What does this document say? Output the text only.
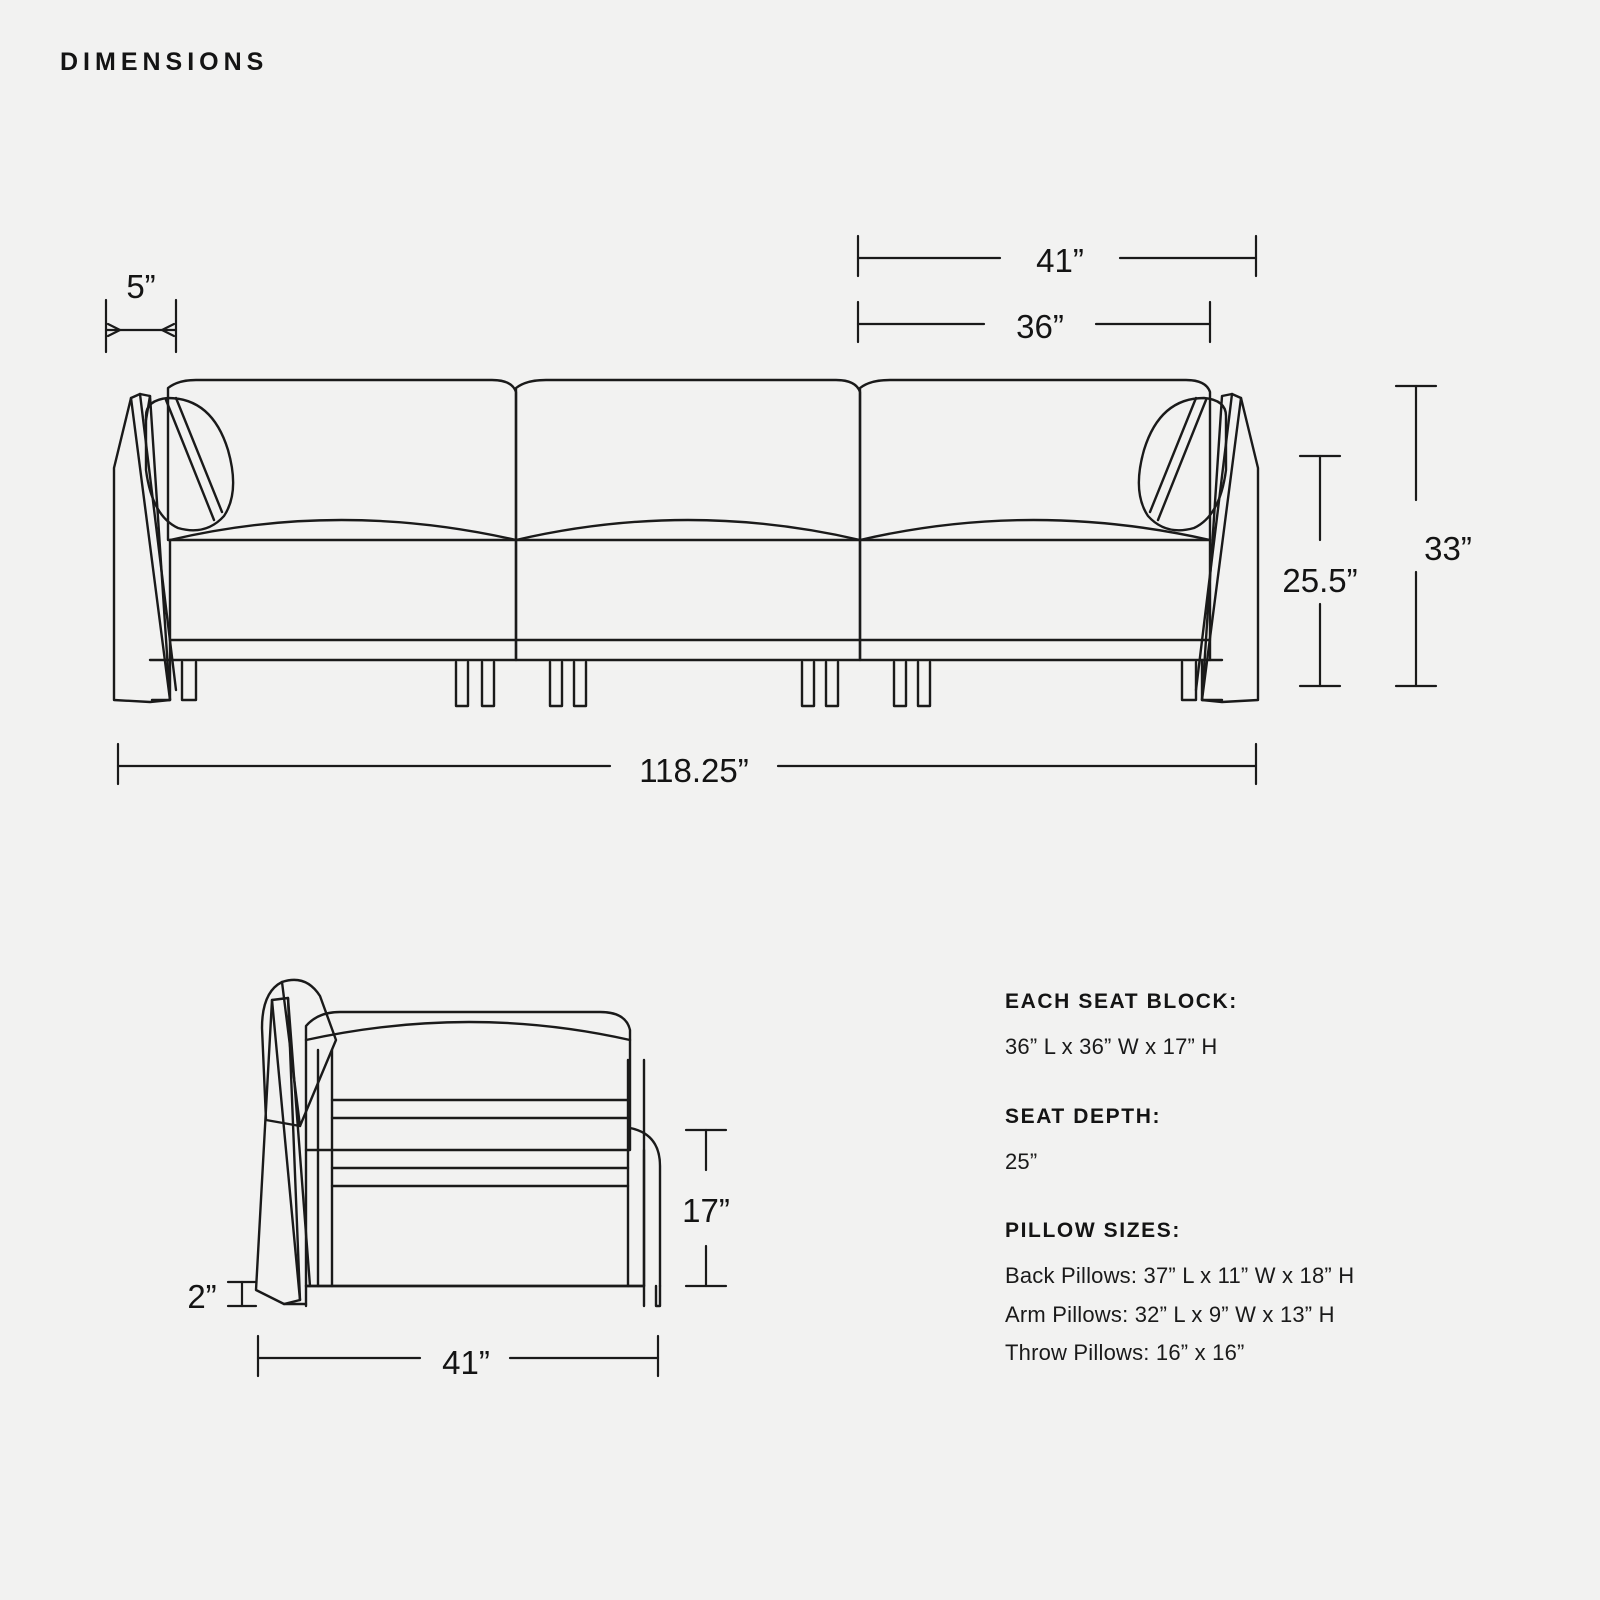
DIMENSIONS
5”
41”
36”
25.5”
33”
118.25”
17”
2”
41”
EACH SEAT BLOCK:
36” L x 36” W x 17” H
SEAT DEPTH:
25”
PILLOW SIZES:
Back Pillows: 37” L x 11” W x 18” H
Arm Pillows: 32” L x 9” W x 13” H
Throw Pillows: 16” x 16”
